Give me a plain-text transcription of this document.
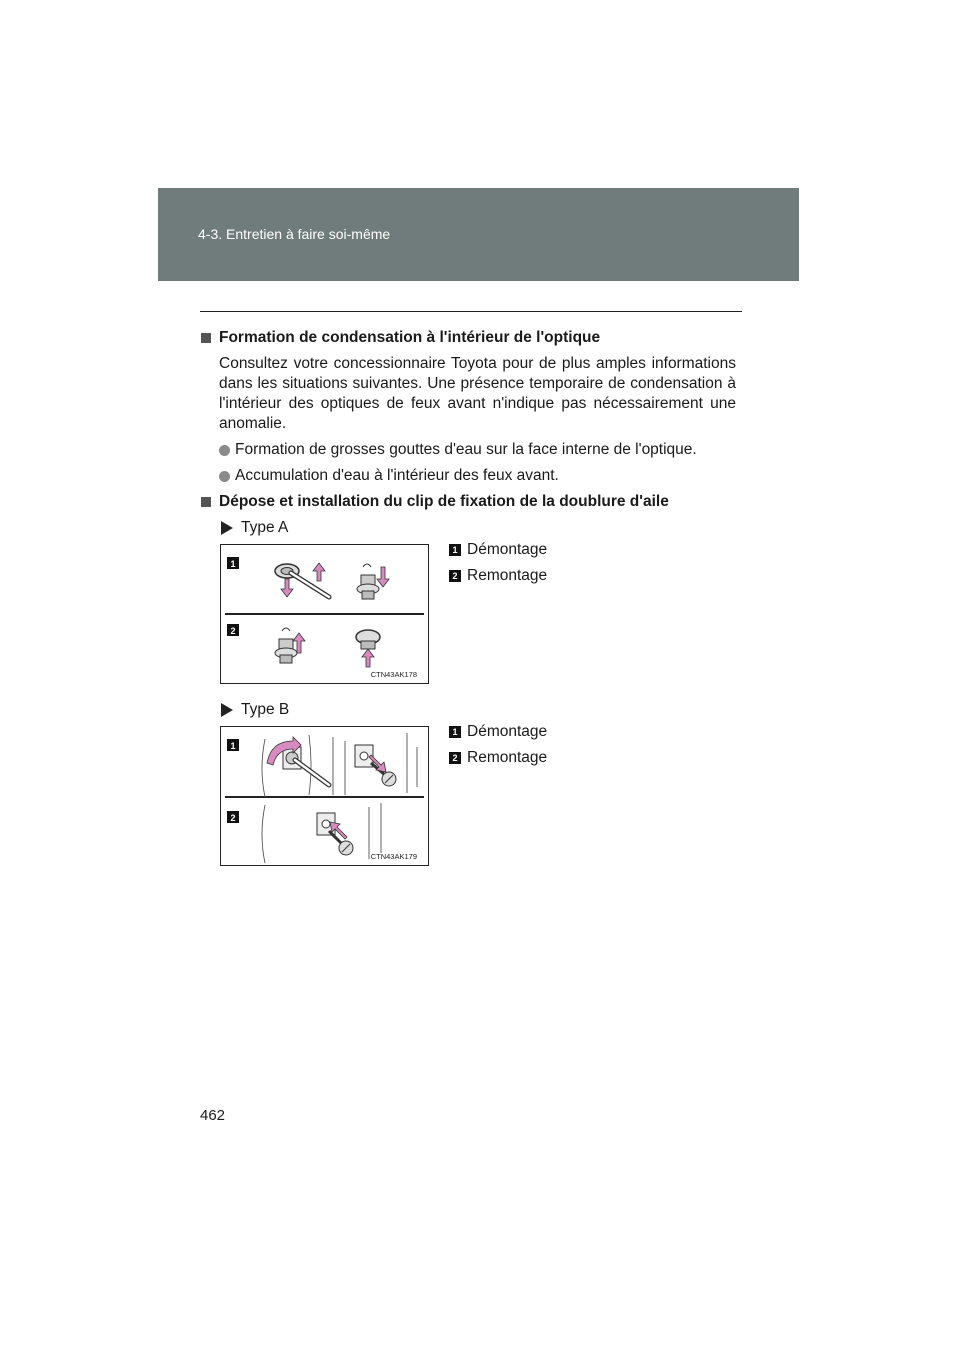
4-3. Entretien à faire soi-même
Formation de condensation à l'intérieur de l'optique
Consultez votre concessionnaire Toyota pour de plus amples informations dans les situations suivantes. Une présence temporaire de condensation à l'intérieur des optiques de feux avant n'indique pas nécessairement une anomalie.
Formation de grosses gouttes d'eau sur la face interne de l'optique.
Accumulation d'eau à l'intérieur des feux avant.
Dépose et installation du clip de fixation de la doublure d'aile
Type A
1
2
CTN43AK178
1 Démontage
2 Remontage
Type B
1
2
CTN43AK179
1 Démontage
2 Remontage
462
